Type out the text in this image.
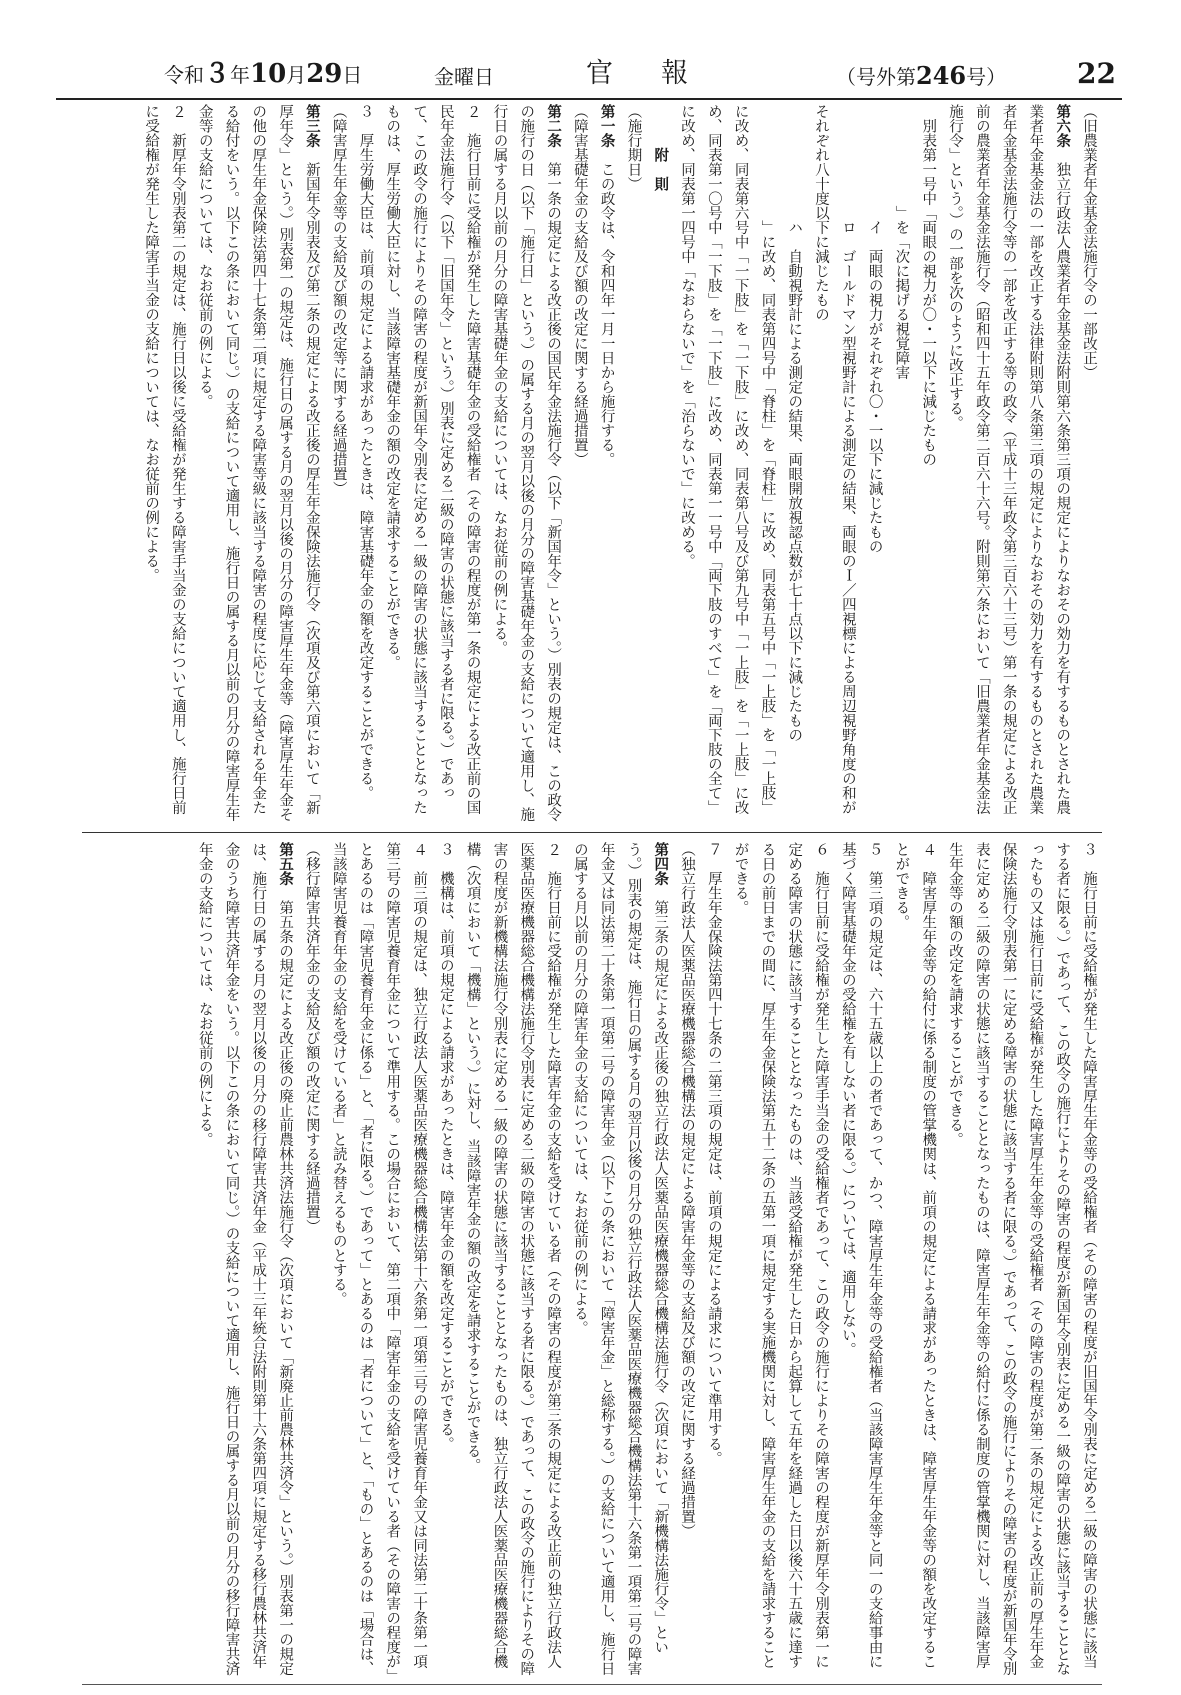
令和３年10月29日	金曜日	官報	（号外第246号）	22

（旧農業者年金基金法施行令の一部改正）

第六条　独立行政法人農業者年金基金法附則第六条第三項の規定によりなおその効力を有するものとされた農業者年金基金法の一部を改正する法律附則第八条第三項の規定によりなおその効力を有するものとされた農業者年金基金法施行令等の一部を改正する等の政令（平成十三年政令第三百六十三号）第一条の規定による改正前の農業者年金基金法施行令（昭和四十五年政令第二百六十六号。附則第六条において「旧農業者年金基金法施行令」という。）の一部を次のように改正する。

　別表第一号中「両眼の視力が〇・一以下に減じたもの

　　　　　　　」を「次に掲げる視覚障害

　　　　　　　　イ　両眼の視力がそれぞれ〇・一以下に減じたもの

　　　　　　　　ロ　ゴールドマン型視野計による測定の結果、両眼のＩ／四視標による周辺視野角度の和がそれぞれ八十度以下に減じたもの

　　　　　　　　ハ　自動視野計による測定の結果、両眼開放視認点数が七十点以下に減じたもの

　　　　　　　　」に改め、同表第四号中「脊柱」を「脊柱」に改め、同表第五号中「一上肢」を「一上肢」に改め、同表第六号中「一下肢」を「一下肢」に改め、同表第八号及び第九号中「一上肢」を「一上肢」に改め、同表第一〇号中「一下肢」を「一下肢」に改め、同表第一一号中「両下肢のすべて」を「両下肢の全て」に改め、同表第一四号中「なおらないで」を「治らないで」に改める。

　　　附　則

（施行期日）

第一条　この政令は、令和四年一月一日から施行する。

（障害基礎年金の支給及び額の改定に関する経過措置）

第二条　第一条の規定による改正後の国民年金法施行令（以下「新国年令」という。）別表の規定は、この政令の施行の日（以下「施行日」という。）の属する月の翌月以後の月分の障害基礎年金の支給について適用し、施行日の属する月以前の月分の障害基礎年金の支給については、なお従前の例による。

２　施行日前に受給権が発生した障害基礎年金の受給権者（その障害の程度が第一条の規定による改正前の国民年金法施行令（以下「旧国年令」という。）別表に定める二級の障害の状態に該当する者に限る。）であって、この政令の施行によりその障害の程度が新国年令別表に定める一級の障害の状態に該当することとなったものは、厚生労働大臣に対し、当該障害基礎年金の額の改定を請求することができる。

３　厚生労働大臣は、前項の規定による請求があったときは、障害基礎年金の額を改定することができる。

（障害厚生年金等の支給及び額の改定等に関する経過措置）

第三条　新国年令別表及び第二条の規定による改正後の厚生年金保険法施行令（次項及び第六項において「新厚年令」という。）別表第一の規定は、施行日の属する月の翌月以後の月分の障害厚生年金等（障害厚生年金その他の厚生年金保険法第四十七条第二項に規定する障害等級に該当する障害の程度に応じて支給される年金たる給付をいう。以下この条において同じ。）の支給について適用し、施行日の属する月以前の月分の障害厚生年金等の支給については、なお従前の例による。

２　新厚年令別表第二の規定は、施行日以後に受給権が発生する障害手当金の支給について適用し、施行日前に受給権が発生した障害手当金の支給については、なお従前の例による。

３　施行日前に受給権が発生した障害厚生年金等の受給権者（その障害の程度が旧国年令別表に定める二級の障害の状態に該当する者に限る。）であって、この政令の施行によりその障害の程度が新国年令別表に定める一級の障害の状態に該当することとなったもの又は施行日前に受給権が発生した障害厚生年金等の受給権者（その障害の程度が第二条の規定による改正前の厚生年金保険法施行令別表第一に定める障害の状態に該当する者に限る。）であって、この政令の施行によりその障害の程度が新国年令別表に定める二級の障害の状態に該当することとなったものは、障害厚生年金等の給付に係る制度の管掌機関に対し、当該障害厚生年金等の額の改定を請求することができる。

４　障害厚生年金等の給付に係る制度の管掌機関は、前項の規定による請求があったときは、障害厚生年金等の額を改定することができる。

５　第三項の規定は、六十五歳以上の者であって、かつ、障害厚生年金等の受給権者（当該障害厚生年金等と同一の支給事由に基づく障害基礎年金の受給権を有しない者に限る。）については、適用しない。

６　施行日前に受給権が発生した障害手当金の受給権者であって、この政令の施行によりその障害の程度が新厚年令別表第一に定める障害の状態に該当することとなったものは、当該受給権が発生した日から起算して五年を経過した日以後六十五歳に達する日の前日までの間に、厚生年金保険法第五十二条の五第一項に規定する実施機関に対し、障害厚生年金の支給を請求することができる。

７　厚生年金保険法第四十七条の二第三項の規定は、前項の規定による請求について準用する。

（独立行政法人医薬品医療機器総合機構法の規定による障害年金等の支給及び額の改定に関する経過措置）

第四条　第三条の規定による改正後の独立行政法人医薬品医療機器総合機構法施行令（次項において「新機構法施行令」という。）別表の規定は、施行日の属する月の翌月以後の月分の独立行政法人医薬品医療機器総合機構法第十六条第一項第二号の障害年金又は同法第二十条第一項第二号の障害年金（以下この条において「障害年金」と総称する。）の支給について適用し、施行日の属する月以前の月分の障害年金の支給については、なお従前の例による。

２　施行日前に受給権が発生した障害年金の支給を受けている者（その障害の程度が第三条の規定による改正前の独立行政法人医薬品医療機器総合機構法施行令別表に定める二級の障害の状態に該当する者に限る。）であって、この政令の施行によりその障害の程度が新機構法施行令別表に定める一級の障害の状態に該当することとなったものは、独立行政法人医薬品医療機器総合機構（次項において「機構」という。）に対し、当該障害年金の額の改定を請求することができる。

３　機構は、前項の規定による請求があったときは、障害年金の額を改定することができる。

４　前三項の規定は、独立行政法人医薬品医療機器総合機構法第十六条第一項第三号の障害児養育年金又は同法第二十条第一項第三号の障害児養育年金について準用する。この場合において、第二項中「障害年金の支給を受けている者（その障害の程度が」とあるのは「障害児養育年金に係る」と、「者に限る。）であって」とあるのは「者について」と、「もの」とあるのは「場合は、当該障害児養育年金の支給を受けている者」と読み替えるものとする。

（移行障害共済年金の支給及び額の改定に関する経過措置）

第五条　第五条の規定による改正後の廃止前農林共済法施行令（次項において「新廃止前農林共済令」という。）別表第一の規定は、施行日の属する月の翌月以後の月分の移行障害共済年金（平成十三年統合法附則第十六条第四項に規定する移行農林共済年金のうち障害共済年金をいう。以下この条において同じ。）の支給について適用し、施行日の属する月以前の月分の移行障害共済年金の支給については、なお従前の例による。
